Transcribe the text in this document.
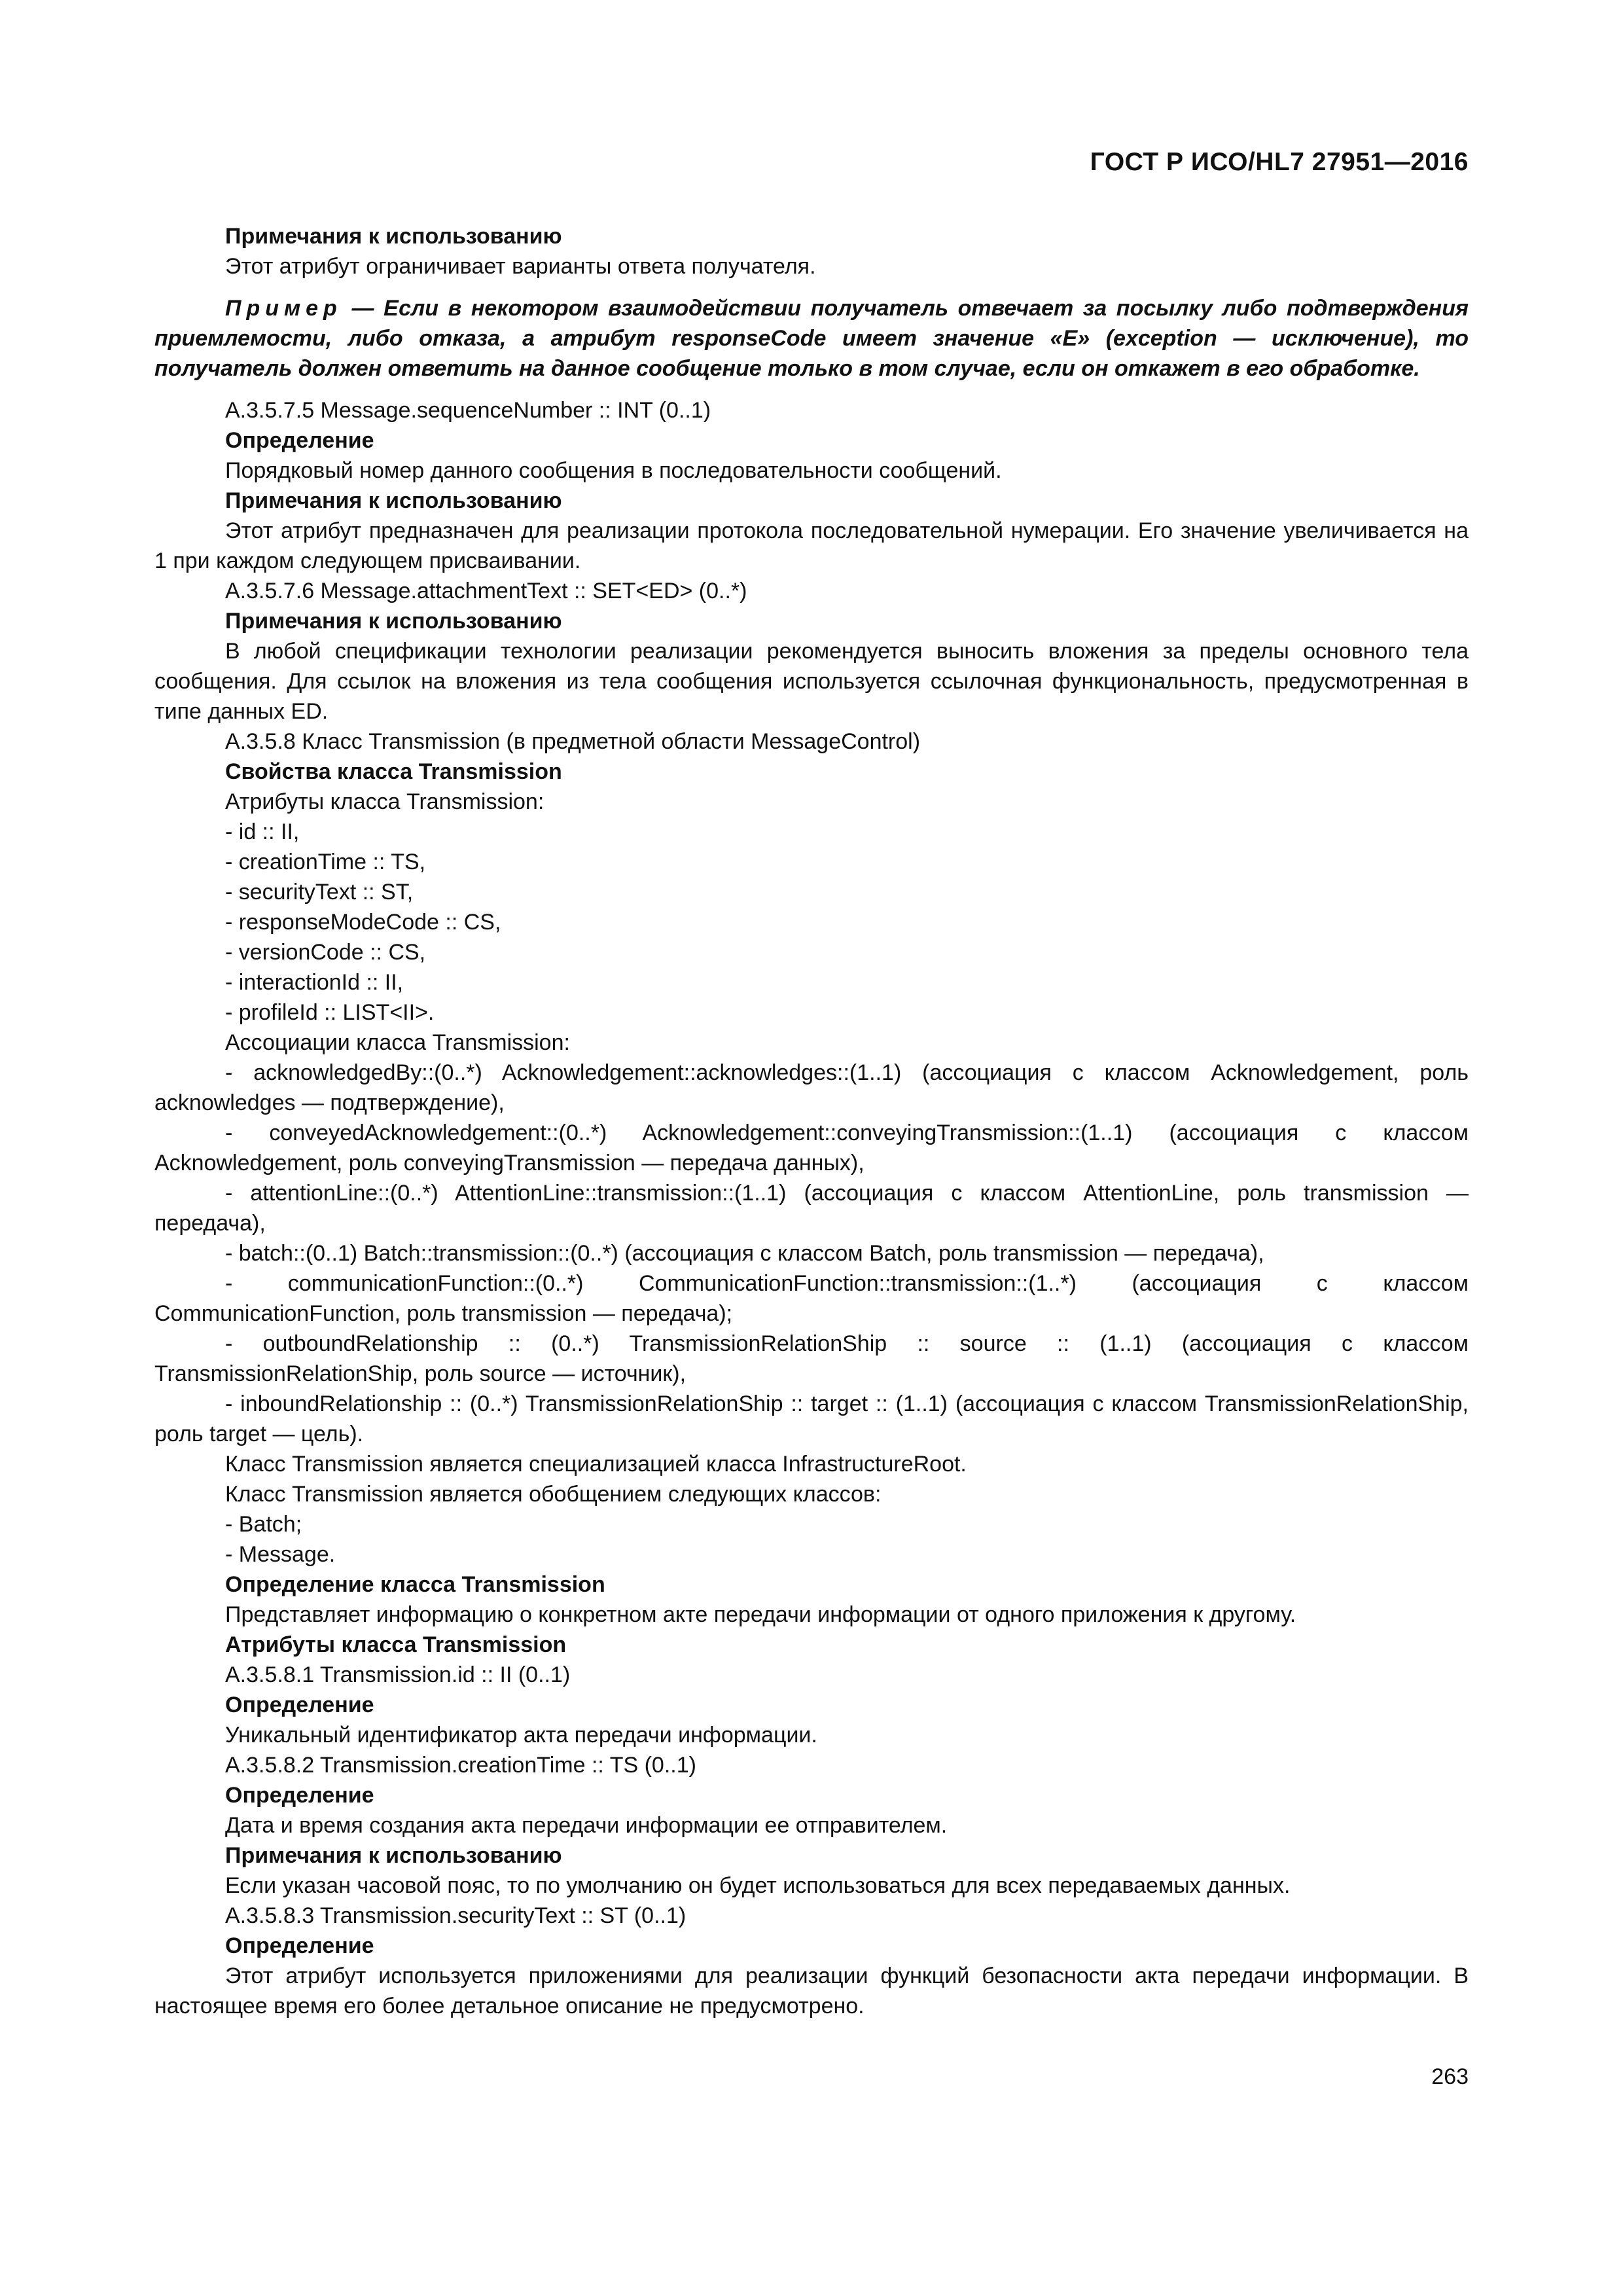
ГОСТ Р ИСО/HL7 27951—2016

Примечания к использованию

Этот атрибут ограничивает варианты ответа получателя.

Пример — Если в некотором взаимодействии получатель отвечает за посылку либо подтверждения приемлемости, либо отказа, а атрибут responseCode имеет значение «E» (exception — исключение), то получатель должен ответить на данное сообщение только в том случае, если он откажет в его обработке.

A.3.5.7.5 Message.sequenceNumber :: INT (0..1)

Определение

Порядковый номер данного сообщения в последовательности сообщений.

Примечания к использованию

Этот атрибут предназначен для реализации протокола последовательной нумерации. Его значение увеличивается на 1 при каждом следующем присваивании.

A.3.5.7.6 Message.attachmentText :: SET<ED> (0..*)

Примечания к использованию

В любой спецификации технологии реализации рекомендуется выносить вложения за пределы основного тела сообщения. Для ссылок на вложения из тела сообщения используется ссылочная функциональность, предусмотренная в типе данных ED.

A.3.5.8 Класс Transmission (в предметной области MessageControl)

Свойства класса Transmission

Атрибуты класса Transmission:

- id :: II,

- creationTime :: TS,

- securityText :: ST,

- responseModeCode :: CS,

- versionCode :: CS,

- interactionId :: II,

- profileId :: LIST<II>.

Ассоциации класса Transmission:

- acknowledgedBy::(0..*) Acknowledgement::acknowledges::(1..1) (ассоциация с классом Acknowledgement, роль acknowledges — подтверждение),

- conveyedAcknowledgement::(0..*) Acknowledgement::conveyingTransmission::(1..1) (ассоциация с классом Acknowledgement, роль conveyingTransmission — передача данных),

- attentionLine::(0..*) AttentionLine::transmission::(1..1) (ассоциация с классом AttentionLine, роль transmission — передача),

- batch::(0..1) Batch::transmission::(0..*) (ассоциация с классом Batch, роль transmission — передача),

- communicationFunction::(0..*) CommunicationFunction::transmission::(1..*) (ассоциация с классом CommunicationFunction, роль transmission — передача);

- outboundRelationship :: (0..*) TransmissionRelationShip :: source :: (1..1) (ассоциация с классом TransmissionRelationShip, роль source — источник),

- inboundRelationship :: (0..*) TransmissionRelationShip :: target :: (1..1) (ассоциация с классом TransmissionRelationShip, роль target — цель).

Класс Transmission является специализацией класса InfrastructureRoot.

Класс Transmission является обобщением следующих классов:

- Batch;

- Message.

Определение класса Transmission

Представляет информацию о конкретном акте передачи информации от одного приложения к другому.

Атрибуты класса Transmission

A.3.5.8.1 Transmission.id :: II (0..1)

Определение

Уникальный идентификатор акта передачи информации.

A.3.5.8.2 Transmission.creationTime :: TS (0..1)

Определение

Дата и время создания акта передачи информации ее отправителем.

Примечания к использованию

Если указан часовой пояс, то по умолчанию он будет использоваться для всех передаваемых данных.

A.3.5.8.3 Transmission.securityText :: ST (0..1)

Определение

Этот атрибут используется приложениями для реализации функций безопасности акта передачи информации. В настоящее время его более детальное описание не предусмотрено.

263
